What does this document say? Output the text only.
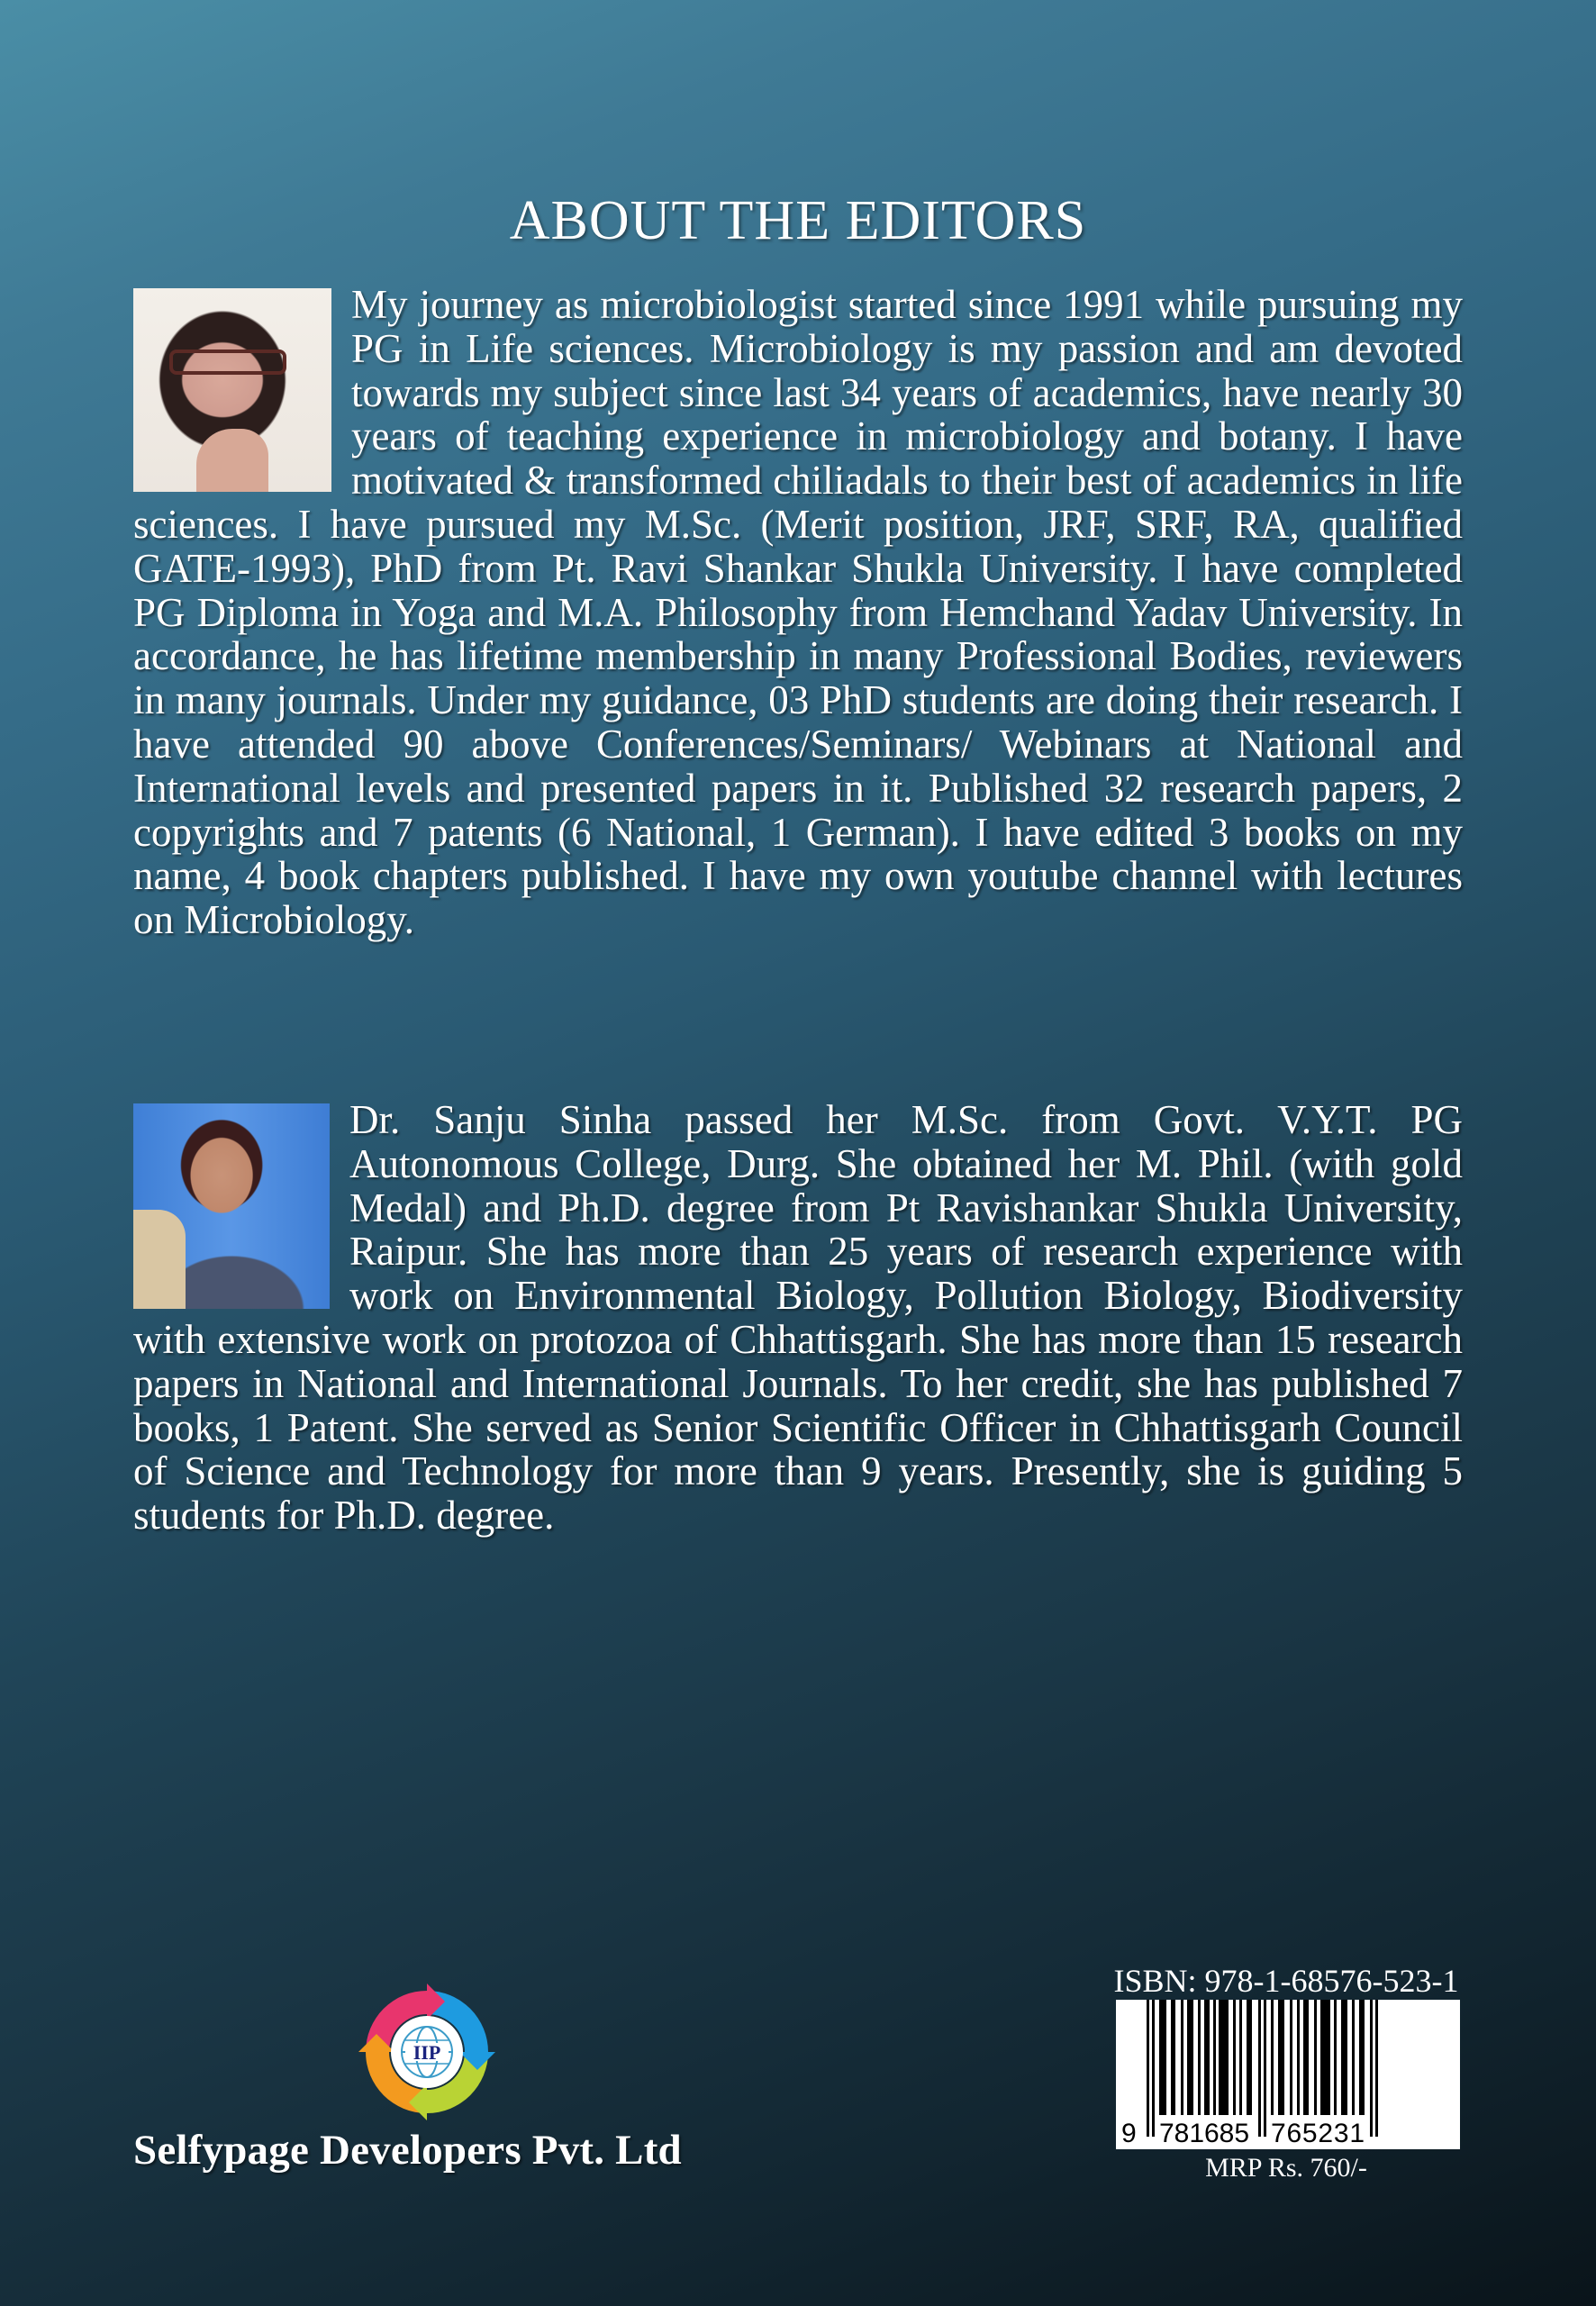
ABOUT THE EDITORS

My journey as microbiologist started since 1991 while pursuing my PG in Life sciences. Microbiology is my passion and am devoted towards my subject since last 34 years of academics, have nearly 30 years of teaching experience in microbiology and botany. I have motivated & transformed chiliadals to their best of academics in life sciences. I have pursued my M.Sc. (Merit position, JRF, SRF, RA, qualified GATE-1993), PhD from Pt. Ravi Shankar Shukla University. I have completed PG Diploma in Yoga and M.A. Philosophy from Hemchand Yadav University. In accordance, he has lifetime membership in many Professional Bodies, reviewers in many journals. Under my guidance, 03 PhD students are doing their research. I have attended 90 above Conferences/Seminars/ Webinars at National and International levels and presented papers in it. Published 32 research papers, 2 copyrights and 7 patents (6 National, 1 German). I have edited 3 books on my name, 4 book chapters published. I have my own youtube channel with lectures on Microbiology.

Dr. Sanju Sinha passed her M.Sc. from Govt. V.Y.T. PG Autonomous College, Durg. She obtained her M. Phil. (with gold Medal) and Ph.D. degree from Pt Ravishankar Shukla University, Raipur. She has more than 25 years of research experience with work on Environmental Biology, Pollution Biology, Biodiversity with extensive work on protozoa of Chhattisgarh. She has more than 15 research papers in National and International Journals. To her credit, she has published 7 books, 1 Patent. She served as Senior Scientific Officer in Chhattisgarh Council of Science and Technology for more than 9 years. Presently, she is guiding 5 students for Ph.D. degree.

IIP
Selfypage Developers Pvt. Ltd
ISBN: 978-1-68576-523-1
9 781685 765231
MRP Rs. 760/-
